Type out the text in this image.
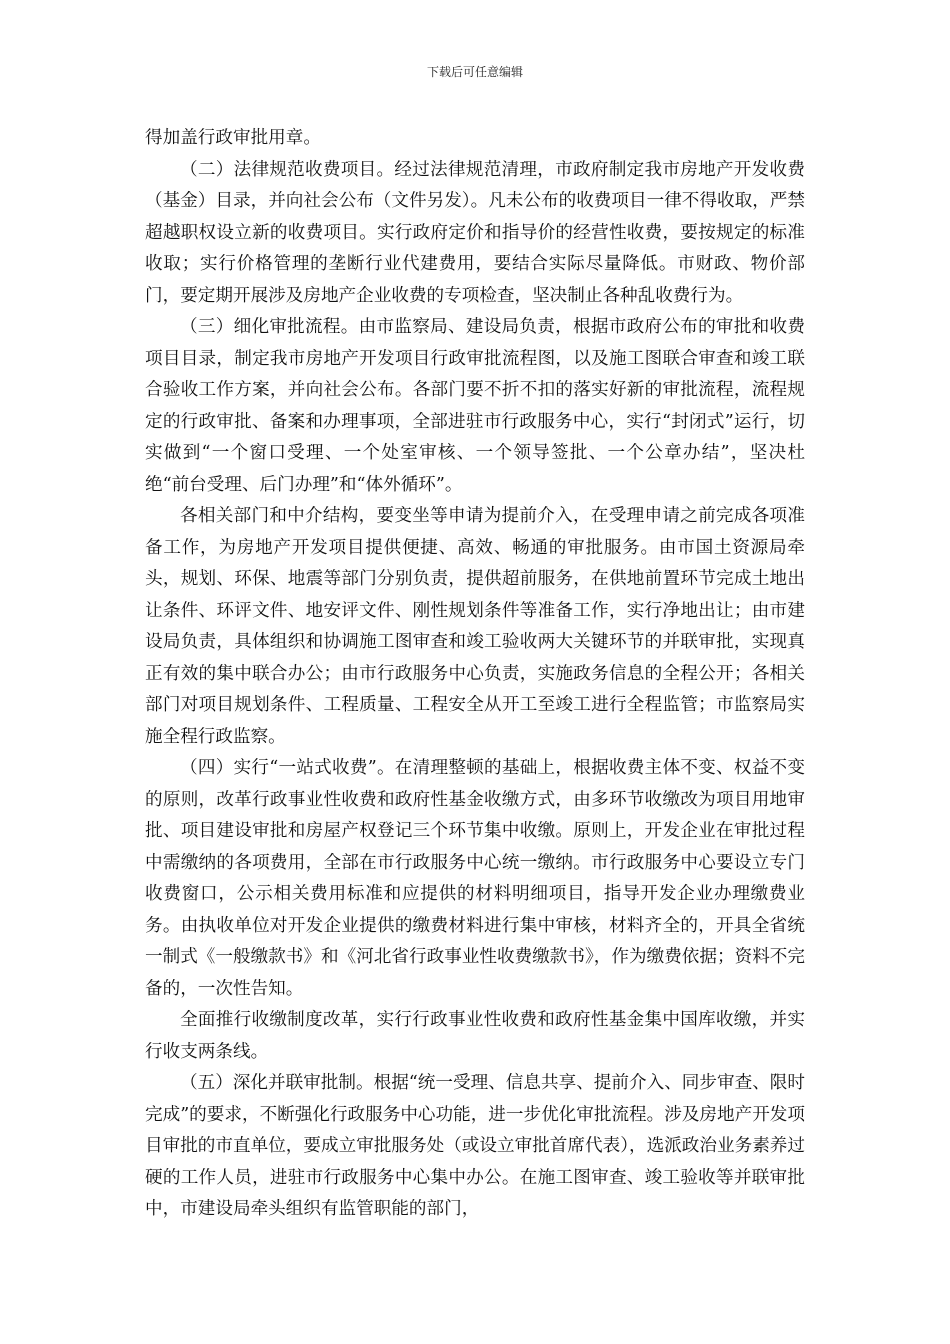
下载后可任意编辑

得加盖行政审批用章。

（二）法律规范收费项目。经过法律规范清理，市政府制定我市房地产开发收费（基金）目录，并向社会公布（文件另发）。凡未公布的收费项目一律不得收取，严禁超越职权设立新的收费项目。实行政府定价和指导价的经营性收费，要按规定的标准收取；实行价格管理的垄断行业代建费用，要结合实际尽量降低。市财政、物价部门，要定期开展涉及房地产企业收费的专项检查，坚决制止各种乱收费行为。

（三）细化审批流程。由市监察局、建设局负责，根据市政府公布的审批和收费项目目录，制定我市房地产开发项目行政审批流程图，以及施工图联合审查和竣工联合验收工作方案，并向社会公布。各部门要不折不扣的落实好新的审批流程，流程规定的行政审批、备案和办理事项，全部进驻市行政服务中心，实行“封闭式”运行，切实做到“一个窗口受理、一个处室审核、一个领导签批、一个公章办结”，坚决杜绝“前台受理、后门办理”和“体外循环”。

各相关部门和中介结构，要变坐等申请为提前介入，在受理申请之前完成各项准备工作，为房地产开发项目提供便捷、高效、畅通的审批服务。由市国土资源局牵头，规划、环保、地震等部门分别负责，提供超前服务，在供地前置环节完成土地出让条件、环评文件、地安评文件、刚性规划条件等准备工作，实行净地出让；由市建设局负责，具体组织和协调施工图审查和竣工验收两大关键环节的并联审批，实现真正有效的集中联合办公；由市行政服务中心负责，实施政务信息的全程公开；各相关部门对项目规划条件、工程质量、工程安全从开工至竣工进行全程监管；市监察局实施全程行政监察。

（四）实行“一站式收费”。在清理整顿的基础上，根据收费主体不变、权益不变的原则，改革行政事业性收费和政府性基金收缴方式，由多环节收缴改为项目用地审批、项目建设审批和房屋产权登记三个环节集中收缴。原则上，开发企业在审批过程中需缴纳的各项费用，全部在市行政服务中心统一缴纳。市行政服务中心要设立专门收费窗口，公示相关费用标准和应提供的材料明细项目，指导开发企业办理缴费业务。由执收单位对开发企业提供的缴费材料进行集中审核，材料齐全的，开具全省统一制式《一般缴款书》和《河北省行政事业性收费缴款书》，作为缴费依据；资料不完备的，一次性告知。

全面推行收缴制度改革，实行行政事业性收费和政府性基金集中国库收缴，并实行收支两条线。

（五）深化并联审批制。根据“统一受理、信息共享、提前介入、同步审查、限时完成”的要求，不断强化行政服务中心功能，进一步优化审批流程。涉及房地产开发项目审批的市直单位，要成立审批服务处（或设立审批首席代表），选派政治业务素养过硬的工作人员，进驻市行政服务中心集中办公。在施工图审查、竣工验收等并联审批中，市建设局牵头组织有监管职能的部门，
